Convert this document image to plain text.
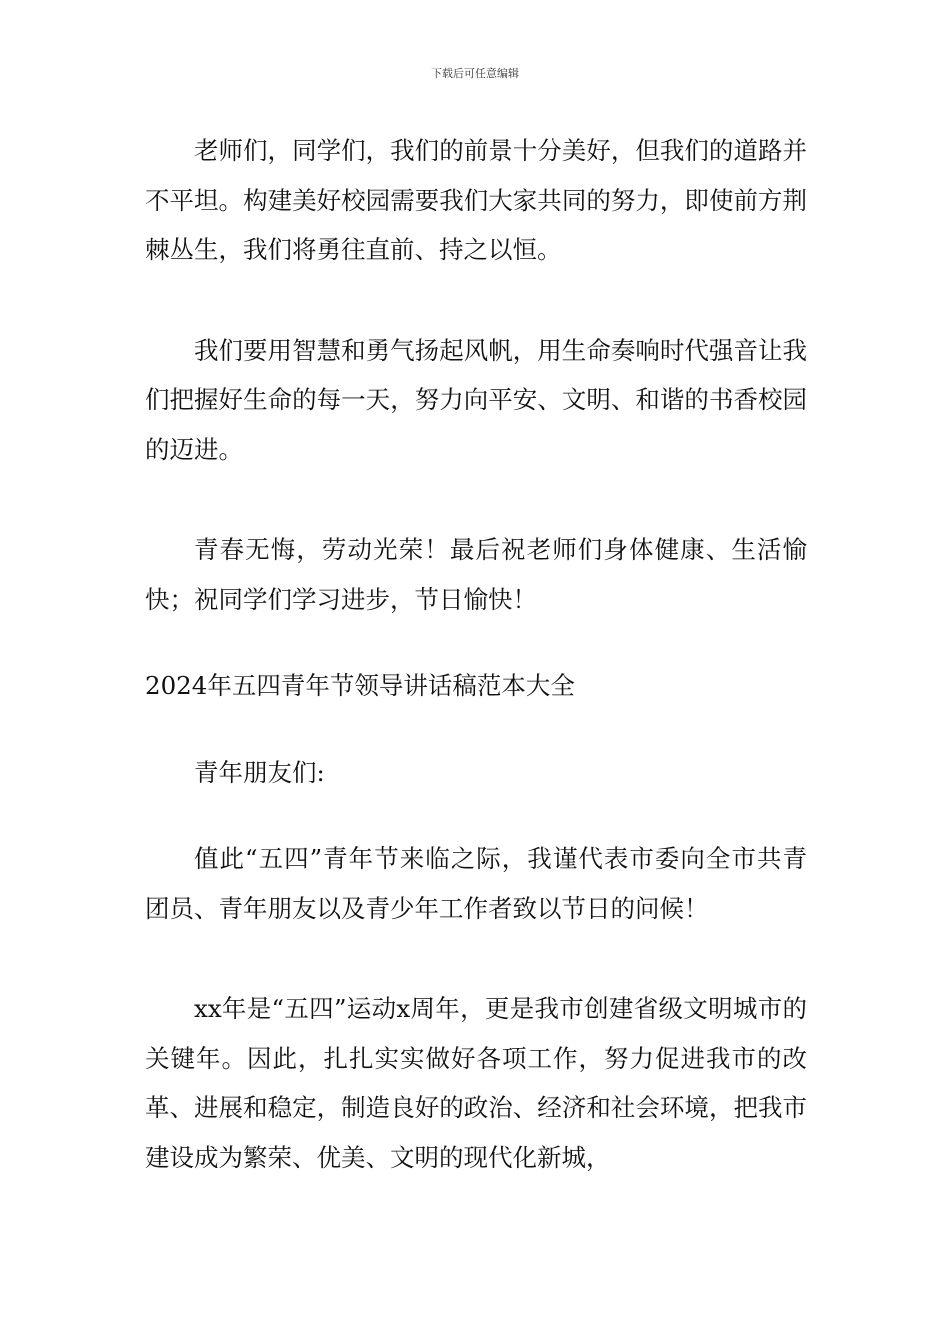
下载后可任意编辑

老师们，同学们，我们的前景十分美好，但我们的道路并不平坦。构建美好校园需要我们大家共同的努力，即使前方荆棘丛生，我们将勇往直前、持之以恒。

我们要用智慧和勇气扬起风帆，用生命奏响时代强音让我们把握好生命的每一天，努力向平安、文明、和谐的书香校园的迈进。

青春无悔，劳动光荣！最后祝老师们身体健康、生活愉快；祝同学们学习进步，节日愉快！

2024年五四青年节领导讲话稿范本大全

青年朋友们:

值此“五四”青年节来临之际，我谨代表市委向全市共青团员、青年朋友以及青少年工作者致以节日的问候！

xx年是“五四”运动x周年，更是我市创建省级文明城市的关键年。因此，扎扎实实做好各项工作，努力促进我市的改革、进展和稳定，制造良好的政治、经济和社会环境，把我市建设成为繁荣、优美、文明的现代化新城，
